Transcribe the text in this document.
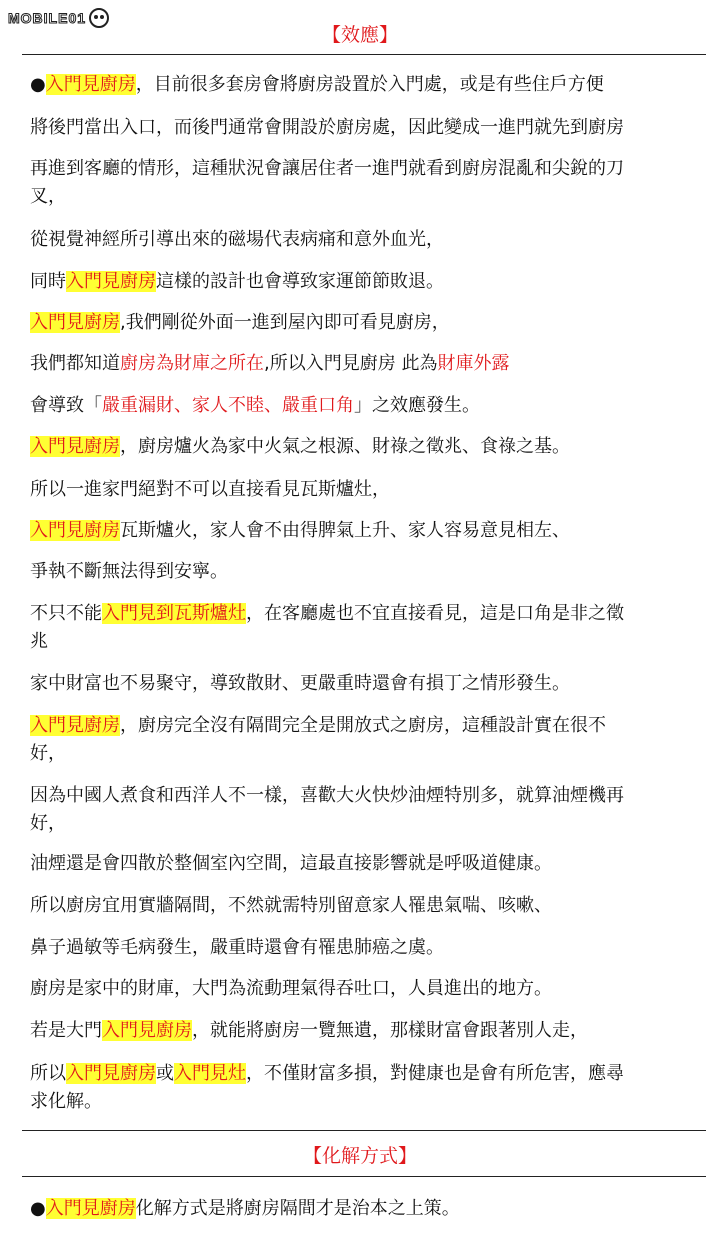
MOBILE01
【效應】
●入門見廚房，目前很多套房會將廚房設置於入門處，或是有些住戶方便
將後門當出入口，而後門通常會開設於廚房處，因此變成一進門就先到廚房
再進到客廳的情形，這種狀況會讓居住者一進門就看到廚房混亂和尖銳的刀
叉，
從視覺神經所引導出來的磁場代表病痛和意外血光，
同時入門見廚房這樣的設計也會導致家運節節敗退。
入門見廚房,我們剛從外面一進到屋內即可看見廚房，
我們都知道廚房為財庫之所在,所以入門見廚房 此為財庫外露
會導致「嚴重漏財、家人不睦、嚴重口角」之效應發生。
入門見廚房，廚房爐火為家中火氣之根源、財祿之徵兆、食祿之基。
所以一進家門絕對不可以直接看見瓦斯爐灶，
入門見廚房瓦斯爐火，家人會不由得脾氣上升、家人容易意見相左、
爭執不斷無法得到安寧。
不只不能入門見到瓦斯爐灶，在客廳處也不宜直接看見，這是口角是非之徵
兆
家中財富也不易聚守，導致散財、更嚴重時還會有損丁之情形發生。
入門見廚房，廚房完全沒有隔間完全是開放式之廚房，這種設計實在很不
好，
因為中國人煮食和西洋人不一樣，喜歡大火快炒油煙特別多，就算油煙機再
好，
油煙還是會四散於整個室內空間，這最直接影響就是呼吸道健康。
所以廚房宜用實牆隔間，不然就需特別留意家人罹患氣喘、咳嗽、
鼻子過敏等毛病發生，嚴重時還會有罹患肺癌之虞。
廚房是家中的財庫，大門為流動理氣得吞吐口，人員進出的地方。
若是大門入門見廚房，就能將廚房一覽無遺，那樣財富會跟著別人走，
所以入門見廚房或入門見灶，不僅財富多損，對健康也是會有所危害，應尋
求化解。
●入門見廚房化解方式是將廚房隔間才是治本之上策。
【化解方式】
